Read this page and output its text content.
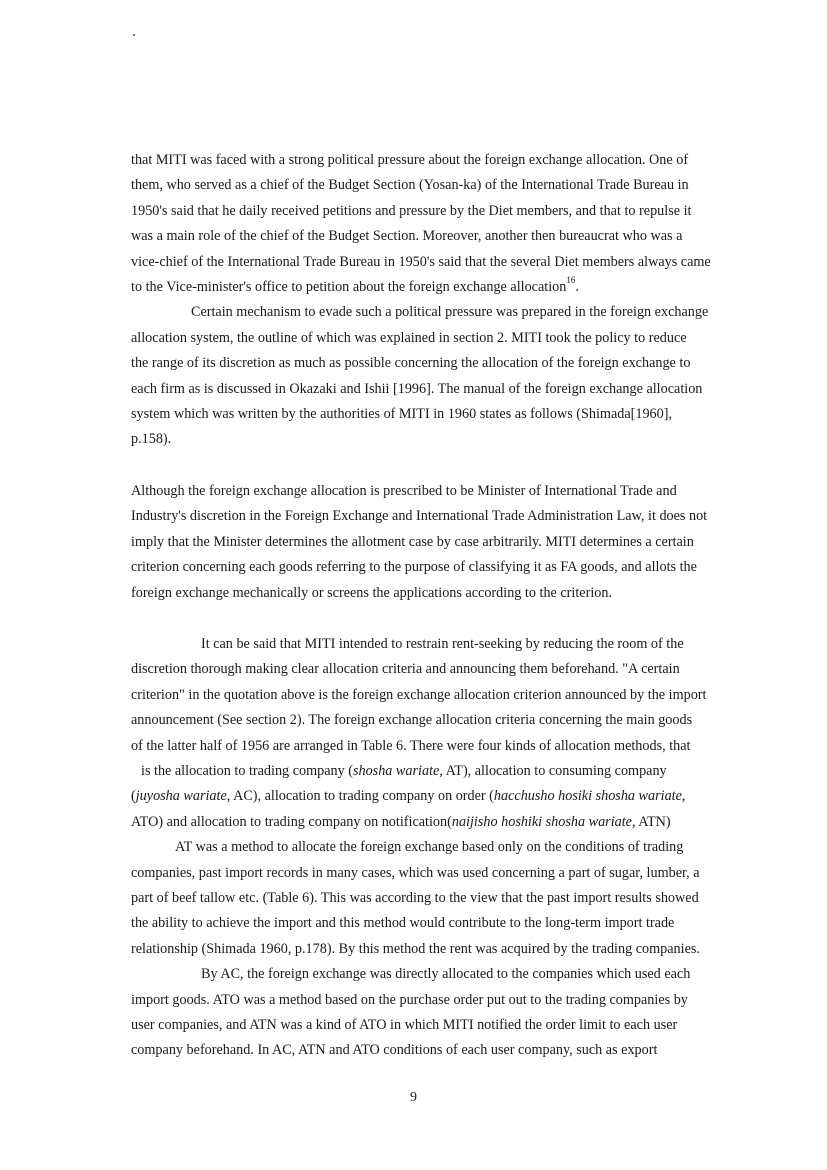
that MITI was faced with a strong political pressure about the foreign exchange allocation. One of
them, who served as a chief of the Budget Section (Yosan-ka) of the International Trade Bureau in
1950's said that he daily received petitions and pressure by the Diet members, and that to repulse it
was a main role of the chief of the Budget Section. Moreover, another then bureaucrat who was a
vice-chief of the International Trade Bureau in 1950's said that the several Diet members always came
to the Vice-minister's office to petition about the foreign exchange allocation$^{16}$.

Certain mechanism to evade such a political pressure was prepared in the foreign exchange

allocation system, the outline of which was explained in section 2. MITI took the policy to reduce
the range of its discretion as much as possible concerning the allocation of the foreign exchange to
each firm as is discussed in Okazaki and Ishii [1996]. The manual of the foreign exchange allocation
system which was written by the authorities of MITI in 1960 states as follows (Shimada[1960],
p.158).

Although the foreign exchange allocation is prescribed to be Minister of International Trade and
Industry's discretion in the Foreign Exchange and International Trade Administration Law, it does not
imply that the Minister determines the allotment case by case arbitrarily. MITI determines a certain
criterion concerning each goods referring to the purpose of classifying it as FA goods, and allots the
foreign exchange mechanically or screens the applications according to the criterion.

It can be said that MITI intended to restrain rent-seeking by reducing the room of the

discretion thorough making clear allocation criteria and announcing them beforehand. "A certain
criterion" in the quotation above is the foreign exchange allocation criterion announced by the import
announcement (See section 2). The foreign exchange allocation criteria concerning the main goods
of the latter half of 1956 are arranged in Table 6. There were four kinds of allocation methods, that
is the allocation to trading company (shosha wariate, AT), allocation to consuming company
(juyosha wariate, AC), allocation to trading company on order (hacchusho hosiki shosha wariate,
ATO) and allocation to trading company on notification(naijisho hoshiki shosha wariate, ATN)

AT was a method to allocate the foreign exchange based only on the conditions of trading

companies, past import records in many cases, which was used concerning a part of sugar, lumber, a
part of beef tallow etc. (Table 6). This was according to the view that the past import results showed
the ability to achieve the import and this method would contribute to the long-term import trade
relationship (Shimada 1960, p.178). By this method the rent was acquired by the trading companies.

By AC, the foreign exchange was directly allocated to the companies which used each

import goods. ATO was a method based on the purchase order put out to the trading companies by
user companies, and ATN was a kind of ATO in which MITI notified the order limit to each user
company beforehand. In AC, ATN and ATO conditions of each user company, such as export

9
